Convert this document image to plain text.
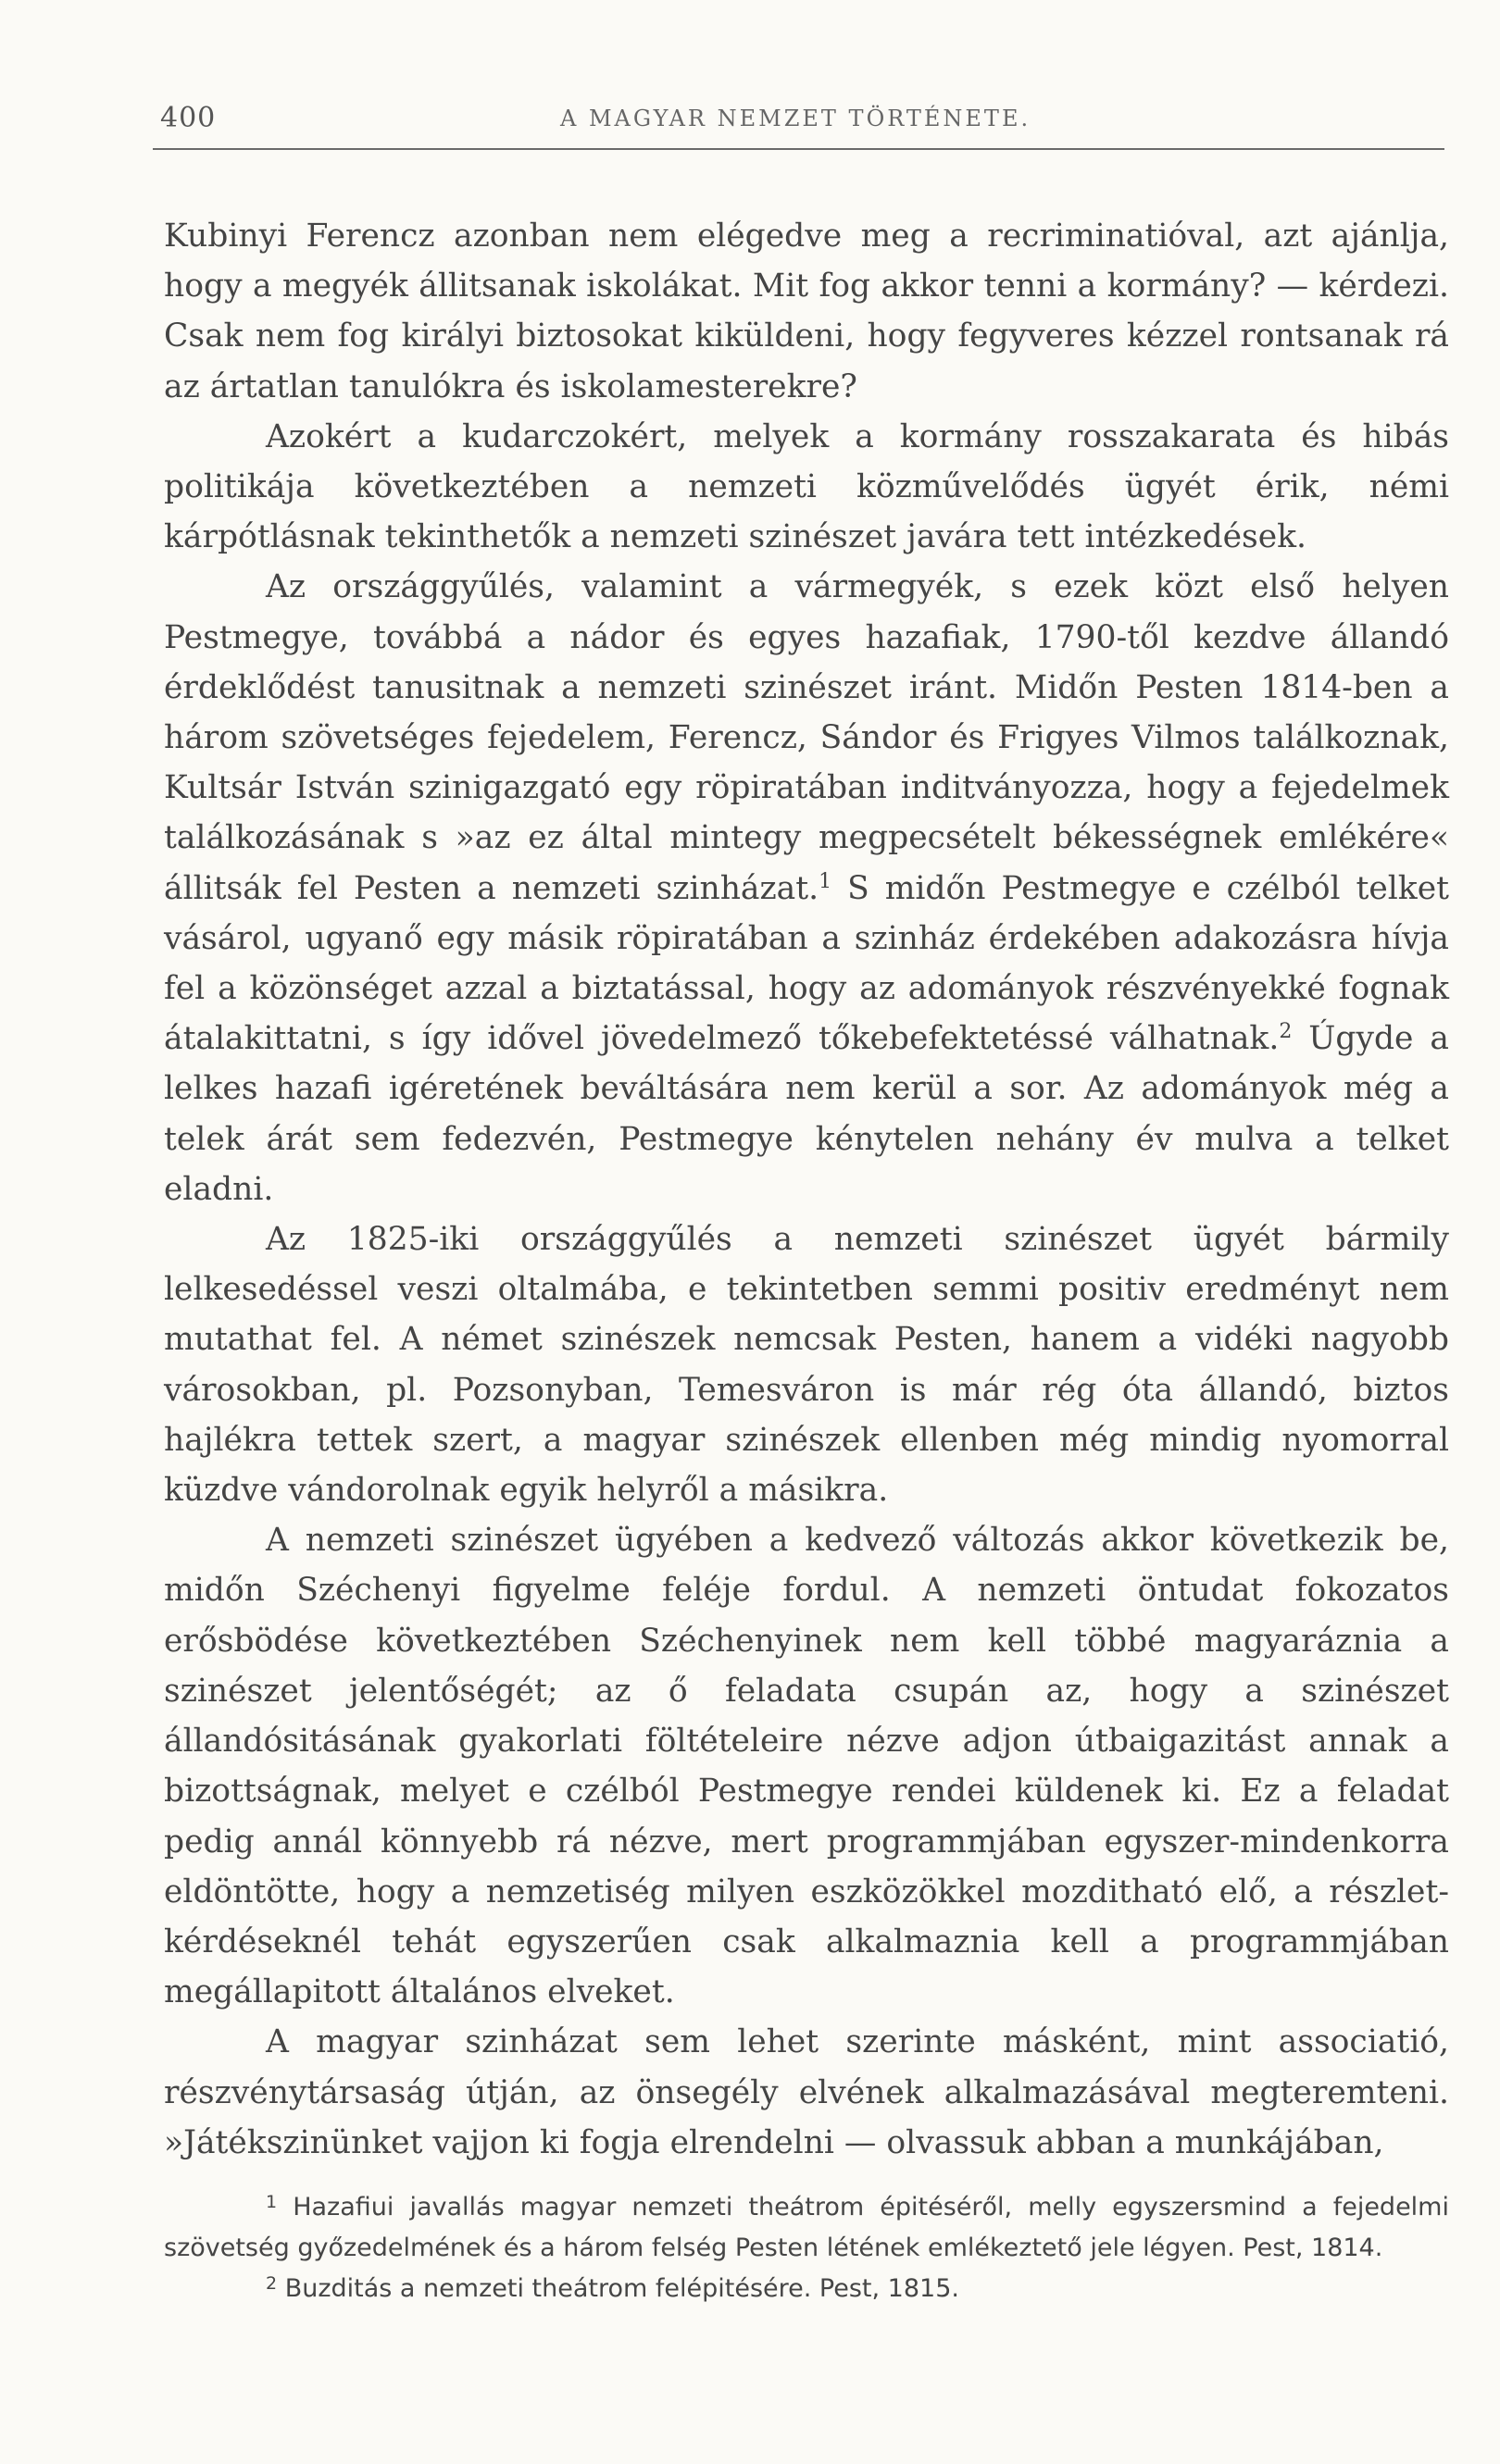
400	A MAGYAR NEMZET TÖRTÉNETE.

Kubinyi Ferencz azonban nem elégedve meg a recriminatióval, azt ajánlja, hogy a megyék állitsanak iskolákat. Mit fog akkor tenni a kormány? — kérdezi. Csak nem fog királyi biztosokat kiküldeni, hogy fegyveres kézzel rontsanak rá az ártatlan tanulókra és iskolamesterekre?

Azokért a kudarczokért, melyek a kormány rosszakarata és hibás politikája következtében a nemzeti közművelődés ügyét érik, némi kárpótlásnak tekinthetők a nemzeti szinészet javára tett intézkedések.

Az országgyűlés, valamint a vármegyék, s ezek közt első helyen Pestmegye, továbbá a nádor és egyes hazafiak, 1790-től kezdve állandó érdeklődést tanusitnak a nemzeti szinészet iránt. Midőn Pesten 1814-ben a három szövetséges fejedelem, Ferencz, Sándor és Frigyes Vilmos találkoznak, Kultsár István szinigazgató egy röpiratában inditványozza, hogy a fejedelmek találkozásának s »az ez által mintegy megpecsételt békességnek emlékére« állitsák fel Pesten a nemzeti szinházat.$^1$ S midőn Pestmegye e czélból telket vásárol, ugyanő egy másik röpiratában a szinház érdekében adakozásra hívja fel a közönséget azzal a biztatással, hogy az adományok részvényekké fognak átalakittatni, s így idővel jövedelmező tőkebefektetéssé válhatnak.$^2$ Úgyde a lelkes hazafi igéretének beváltására nem kerül a sor. Az adományok még a telek árát sem fedezvén, Pestmegye kénytelen nehány év mulva a telket eladni.

Az 1825-iki országgyűlés a nemzeti szinészet ügyét bármily lelkesedéssel veszi oltalmába, e tekintetben semmi positiv eredményt nem mutathat fel. A német szinészek nemcsak Pesten, hanem a vidéki nagyobb városokban, pl. Pozsonyban, Temesváron is már rég óta állandó, biztos hajlékra tettek szert, a magyar szinészek ellenben még mindig nyomorral küzdve vándorolnak egyik helyről a másikra.

A nemzeti szinészet ügyében a kedvező változás akkor következik be, midőn Széchenyi figyelme feléje fordul. A nemzeti öntudat fokozatos erősbödése következtében Széchenyinek nem kell többé magyaráznia a szinészet jelentőségét; az ő feladata csupán az, hogy a szinészet állandósitásának gyakorlati föltételeire nézve adjon útbaigazitást annak a bizottságnak, melyet e czélból Pestmegye rendei küldenek ki. Ez a feladat pedig annál könnyebb rá nézve, mert programmjában egyszer-mindenkorra eldöntötte, hogy a nemzetiség milyen eszközökkel mozditható elő, a részlet-kérdéseknél tehát egyszerűen csak alkalmaznia kell a programmjában megállapitott általános elveket.

A magyar szinházat sem lehet szerinte másként, mint associatió, részvénytársaság útján, az önsegély elvének alkalmazásával megteremteni. »Játékszinünket vajjon ki fogja elrendelni — olvassuk abban a munkájában,

$^1$ Hazafiui javallás magyar nemzeti theátrom épitéséről, melly egyszersmind a fejedelmi szövetség győzedelmének és a három felség Pesten létének emlékeztető jele légyen. Pest, 1814.

$^2$ Buzditás a nemzeti theátrom felépitésére. Pest, 1815.
